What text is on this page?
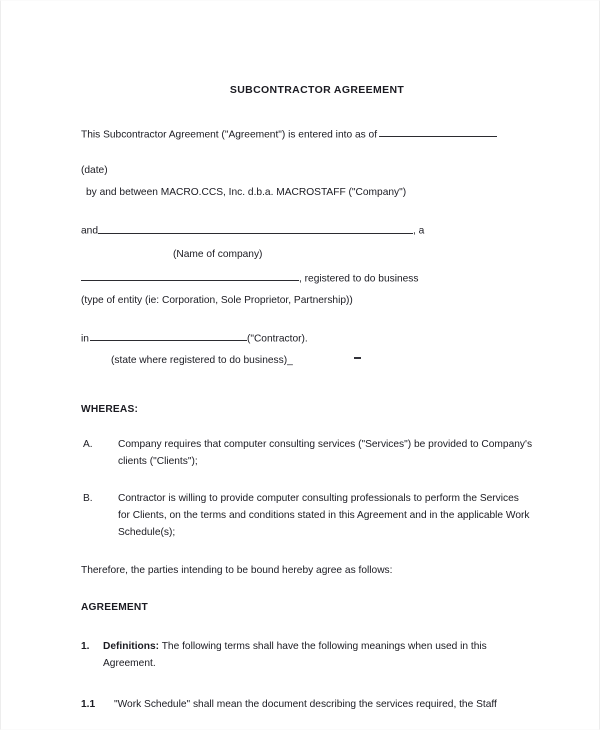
SUBCONTRACTOR AGREEMENT
This Subcontractor Agreement ("Agreement") is entered into as of
(date)
by and between MACRO.CCS, Inc. d.b.a. MACROSTAFF ("Company")
and	, a
(Name of company)
, registered to do business
(type of entity (ie: Corporation, Sole Proprietor, Partnership))
in	("Contractor).
(state where registered to do business)_
WHEREAS:
A. Company requires that computer consulting services ("Services") be provided to Company's clients ("Clients");
B. Contractor is willing to provide computer consulting professionals to perform the Services for Clients, on the terms and conditions stated in this Agreement and in the applicable Work Schedule(s);
Therefore, the parties intending to be bound hereby agree as follows:
AGREEMENT
1. Definitions: The following terms shall have the following meanings when used in this Agreement.
1.1 "Work Schedule" shall mean the document describing the services required, the Staff
